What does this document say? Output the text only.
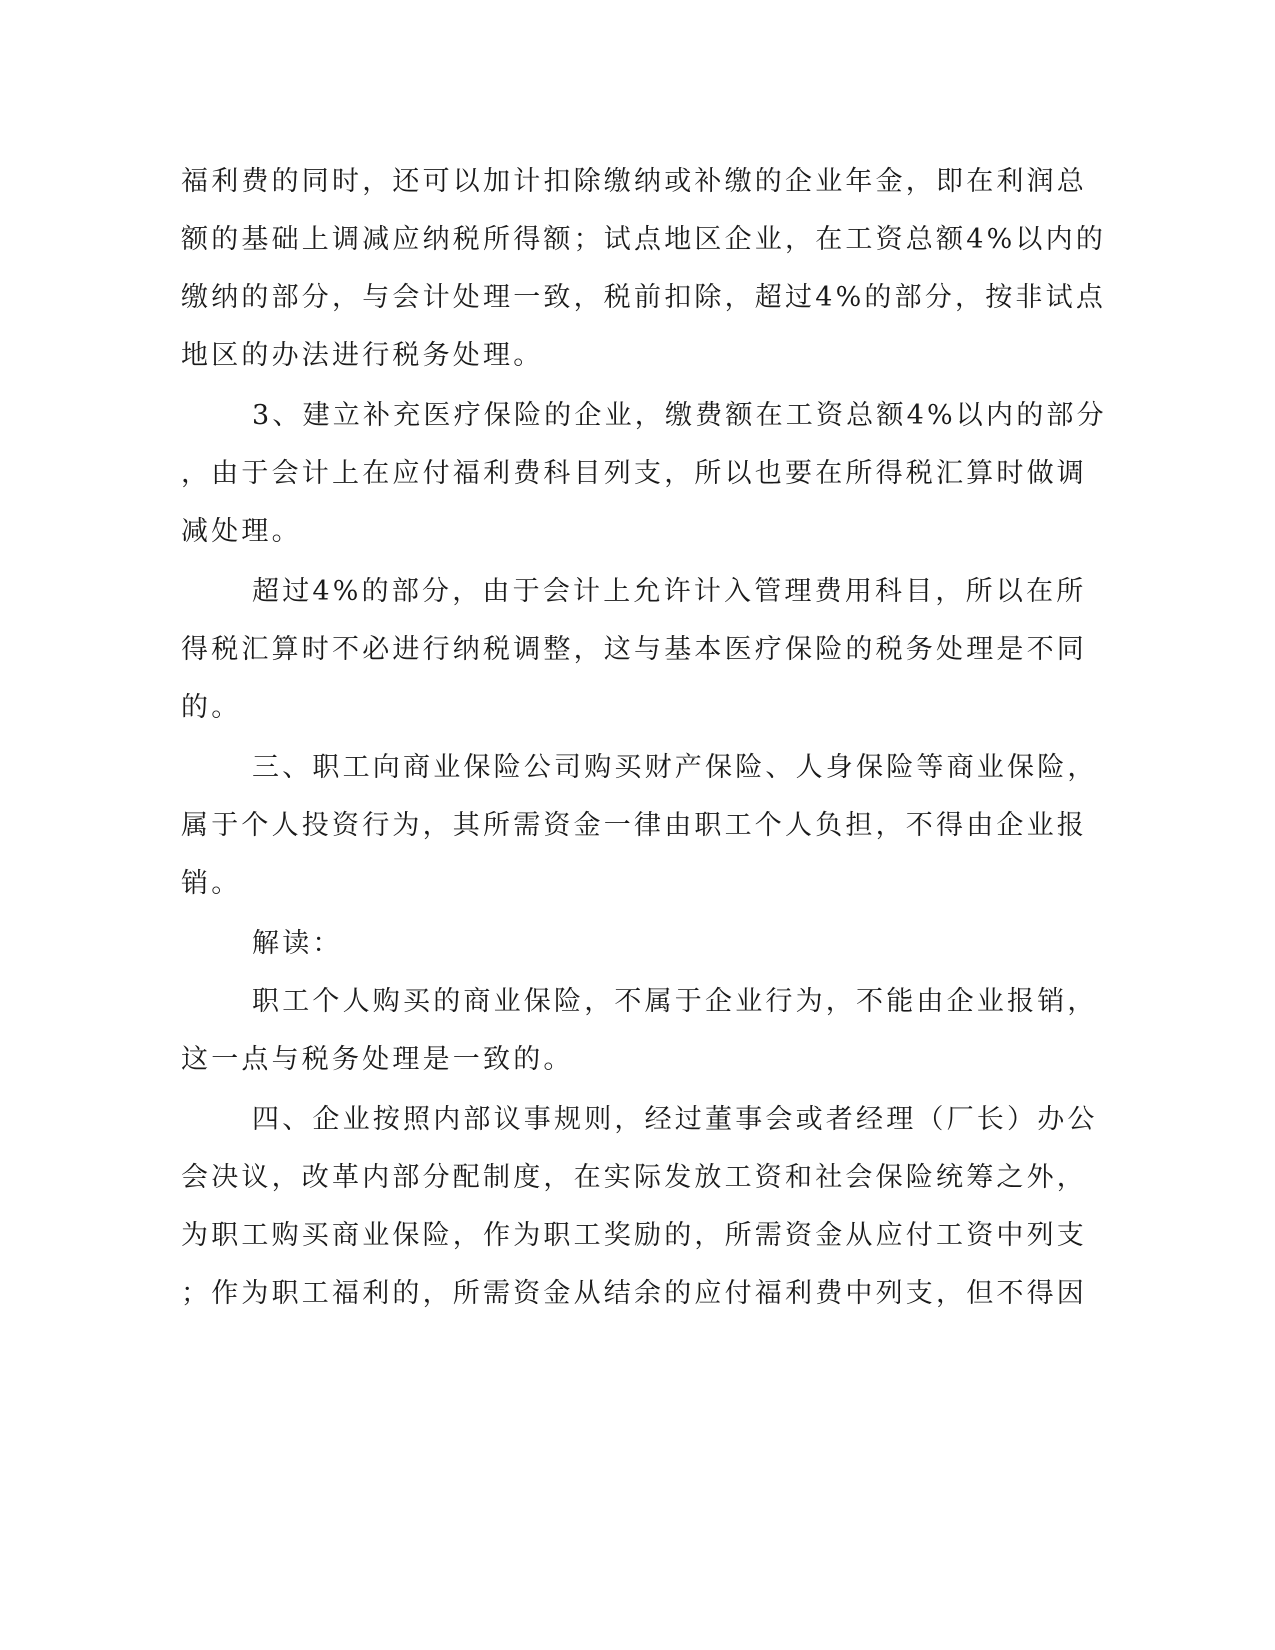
福利费的同时，还可以加计扣除缴纳或补缴的企业年金，即在利润总
额的基础上调减应纳税所得额；试点地区企业，在工资总额4%以内的
缴纳的部分，与会计处理一致，税前扣除，超过4%的部分，按非试点
地区的办法进行税务处理。
3、建立补充医疗保险的企业，缴费额在工资总额4%以内的部分
，由于会计上在应付福利费科目列支，所以也要在所得税汇算时做调
减处理。
超过4%的部分，由于会计上允许计入管理费用科目，所以在所
得税汇算时不必进行纳税调整，这与基本医疗保险的税务处理是不同
的。
三、职工向商业保险公司购买财产保险、人身保险等商业保险，
属于个人投资行为，其所需资金一律由职工个人负担，不得由企业报
销。
解读：
职工个人购买的商业保险，不属于企业行为，不能由企业报销，
这一点与税务处理是一致的。
四、企业按照内部议事规则，经过董事会或者经理（厂长）办公
会决议，改革内部分配制度，在实际发放工资和社会保险统筹之外，
为职工购买商业保险，作为职工奖励的，所需资金从应付工资中列支
；作为职工福利的，所需资金从结余的应付福利费中列支，但不得因
